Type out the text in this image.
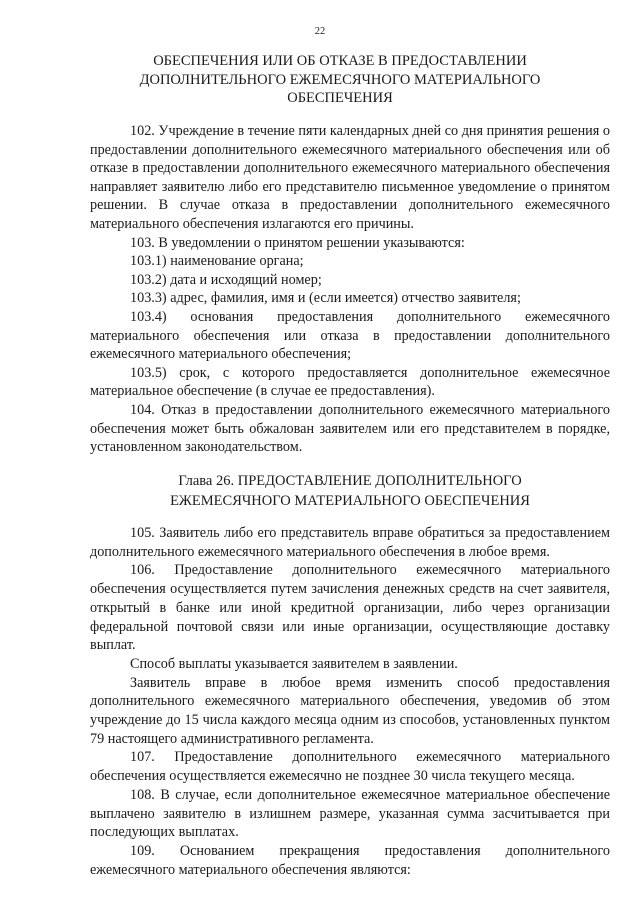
22
ОБЕСПЕЧЕНИЯ ИЛИ ОБ ОТКАЗЕ В ПРЕДОСТАВЛЕНИИ
ДОПОЛНИТЕЛЬНОГО ЕЖЕМЕСЯЧНОГО МАТЕРИАЛЬНОГО
ОБЕСПЕЧЕНИЯ

102. Учреждение в течение пяти календарных дней со дня принятия решения о предоставлении дополнительного ежемесячного материального обеспечения или об отказе в предоставлении дополнительного ежемесячного материального обеспечения направляет заявителю либо его представителю письменное уведомление о принятом решении. В случае отказа в предоставлении дополнительного ежемесячного материального обеспечения излагаются его причины.

103. В уведомлении о принятом решении указываются:

103.1) наименование органа;

103.2) дата и исходящий номер;

103.3) адрес, фамилия, имя и (если имеется) отчество заявителя;

103.4) основания предоставления дополнительного ежемесячного материального обеспечения или отказа в предоставлении дополнительного ежемесячного материального обеспечения;

103.5) срок, с которого предоставляется дополнительное ежемесячное материальное обеспечение (в случае ее предоставления).

104. Отказ в предоставлении дополнительного ежемесячного материального обеспечения может быть обжалован заявителем или его представителем в порядке, установленном законодательством.

Глава 26. ПРЕДОСТАВЛЕНИЕ ДОПОЛНИТЕЛЬНОГО
ЕЖЕМЕСЯЧНОГО МАТЕРИАЛЬНОГО ОБЕСПЕЧЕНИЯ

105. Заявитель либо его представитель вправе обратиться за предоставлением дополнительного ежемесячного материального обеспечения в любое время.

106. Предоставление дополнительного ежемесячного материального обеспечения осуществляется путем зачисления денежных средств на счет заявителя, открытый в банке или иной кредитной организации, либо через организации федеральной почтовой связи или иные организации, осуществляющие доставку выплат.

Способ выплаты указывается заявителем в заявлении.

Заявитель вправе в любое время изменить способ предоставления дополнительного ежемесячного материального обеспечения, уведомив об этом учреждение до 15 числа каждого месяца одним из способов, установленных пунктом 79 настоящего административного регламента.

107. Предоставление дополнительного ежемесячного материального обеспечения осуществляется ежемесячно не позднее 30 числа текущего месяца.

108. В случае, если дополнительное ежемесячное материальное обеспечение выплачено заявителю в излишнем размере, указанная сумма засчитывается при последующих выплатах.

109. Основанием прекращения предоставления дополнительного ежемесячного материального обеспечения являются:
